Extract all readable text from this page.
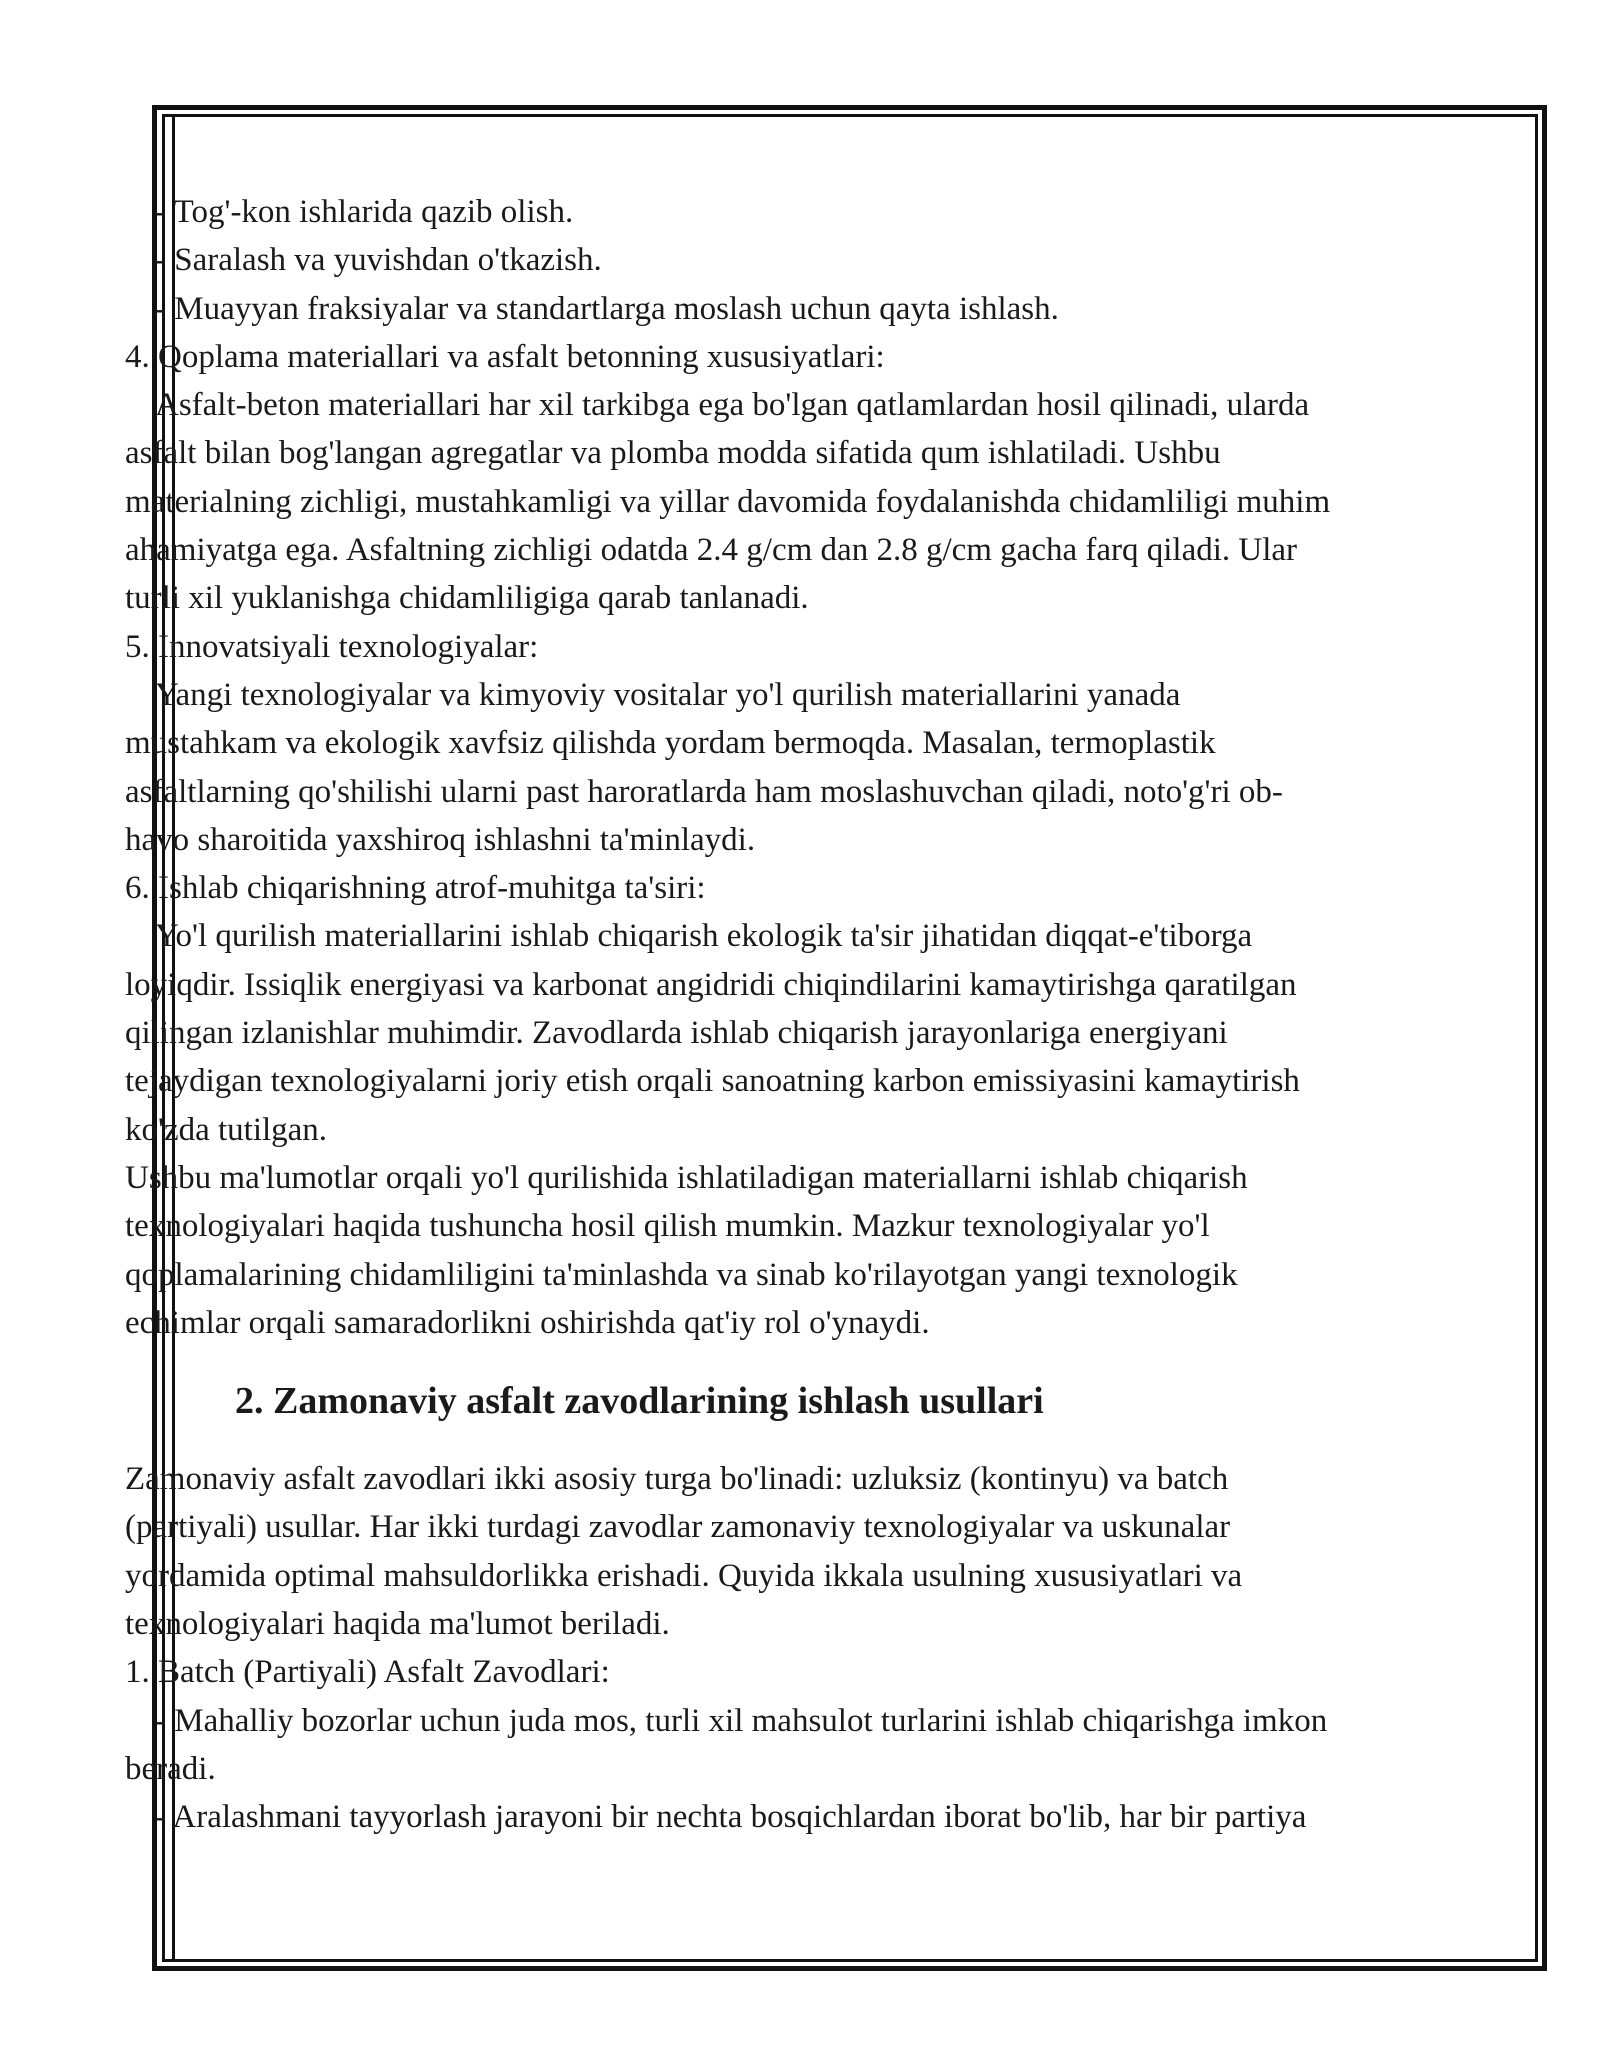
- Tog'-kon ishlarida qazib olish.

- Saralash va yuvishdan o'tkazish.

- Muayyan fraksiyalar va standartlarga moslash uchun qayta ishlash.

4. Qoplama materiallari va asfalt betonning xususiyatlari:

Asfalt-beton materiallari har xil tarkibga ega bo'lgan qatlamlardan hosil qilinadi, ularda

asfalt bilan bog'langan agregatlar va plomba modda sifatida qum ishlatiladi. Ushbu

materialning zichligi, mustahkamligi va yillar davomida foydalanishda chidamliligi muhim

ahamiyatga ega. Asfaltning zichligi odatda 2.4 g/cm dan 2.8 g/cm gacha farq qiladi. Ular

turli xil yuklanishga chidamliligiga qarab tanlanadi.

5. Innovatsiyali texnologiyalar:

Yangi texnologiyalar va kimyoviy vositalar yo'l qurilish materiallarini yanada

mustahkam va ekologik xavfsiz qilishda yordam bermoqda. Masalan, termoplastik

asfaltlarning qo'shilishi ularni past haroratlarda ham moslashuvchan qiladi, noto'g'ri ob-

havo sharoitida yaxshiroq ishlashni ta'minlaydi.

6. Ishlab chiqarishning atrof-muhitga ta'siri:

Yo'l qurilish materiallarini ishlab chiqarish ekologik ta'sir jihatidan diqqat-e'tiborga

loyiqdir. Issiqlik energiyasi va karbonat angidridi chiqindilarini kamaytirishga qaratilgan

qilingan izlanishlar muhimdir. Zavodlarda ishlab chiqarish jarayonlariga energiyani

tejaydigan texnologiyalarni joriy etish orqali sanoatning karbon emissiyasini kamaytirish

ko'zda tutilgan.

Ushbu ma'lumotlar orqali yo'l qurilishida ishlatiladigan materiallarni ishlab chiqarish

texnologiyalari haqida tushuncha hosil qilish mumkin. Mazkur texnologiyalar yo'l

qoplamalarining chidamliligini ta'minlashda va sinab ko'rilayotgan yangi texnologik

echimlar orqali samaradorlikni oshirishda qat'iy rol o'ynaydi.

2. Zamonaviy asfalt zavodlarining ishlash usullari

Zamonaviy asfalt zavodlari ikki asosiy turga bo'linadi: uzluksiz (kontinyu) va batch

(partiyali) usullar. Har ikki turdagi zavodlar zamonaviy texnologiyalar va uskunalar

yordamida optimal mahsuldorlikka erishadi. Quyida ikkala usulning xususiyatlari va

texnologiyalari haqida ma'lumot beriladi.

1. Batch (Partiyali) Asfalt Zavodlari:

- Mahalliy bozorlar uchun juda mos, turli xil mahsulot turlarini ishlab chiqarishga imkon

beradi.

- Aralashmani tayyorlash jarayoni bir nechta bosqichlardan iborat bo'lib, har bir partiya
